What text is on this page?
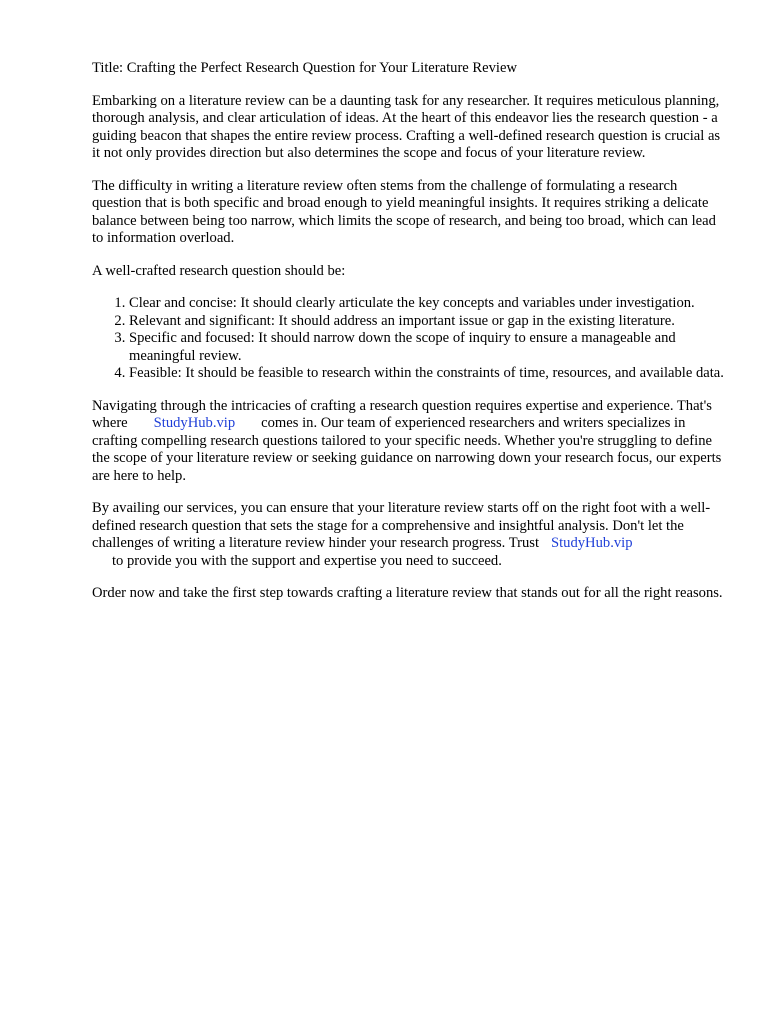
Title: Crafting the Perfect Research Question for Your Literature Review

Embarking on a literature review can be a daunting task for any researcher. It requires meticulous planning, thorough analysis, and clear articulation of ideas. At the heart of this endeavor lies the research question - a guiding beacon that shapes the entire review process. Crafting a well-defined research question is crucial as it not only provides direction but also determines the scope and focus of your literature review.

The difficulty in writing a literature review often stems from the challenge of formulating a research question that is both specific and broad enough to yield meaningful insights. It requires striking a delicate balance between being too narrow, which limits the scope of research, and being too broad, which can lead to information overload.

A well-crafted research question should be:

1. Clear and concise: It should clearly articulate the key concepts and variables under investigation.
2. Relevant and significant: It should address an important issue or gap in the existing literature.
3. Specific and focused: It should narrow down the scope of inquiry to ensure a manageable and meaningful review.
4. Feasible: It should be feasible to research within the constraints of time, resources, and available data.

Navigating through the intricacies of crafting a research question requires expertise and experience. That's where StudyHub.vip comes in. Our team of experienced researchers and writers specializes in crafting compelling research questions tailored to your specific needs. Whether you're struggling to define the scope of your literature review or seeking guidance on narrowing down your research focus, our experts are here to help.

By availing our services, you can ensure that your literature review starts off on the right foot with a well-defined research question that sets the stage for a comprehensive and insightful analysis. Don't let the challenges of writing a literature review hinder your research progress. Trust StudyHub.vip
to provide you with the support and expertise you need to succeed.

Order now and take the first step towards crafting a literature review that stands out for all the right reasons.
